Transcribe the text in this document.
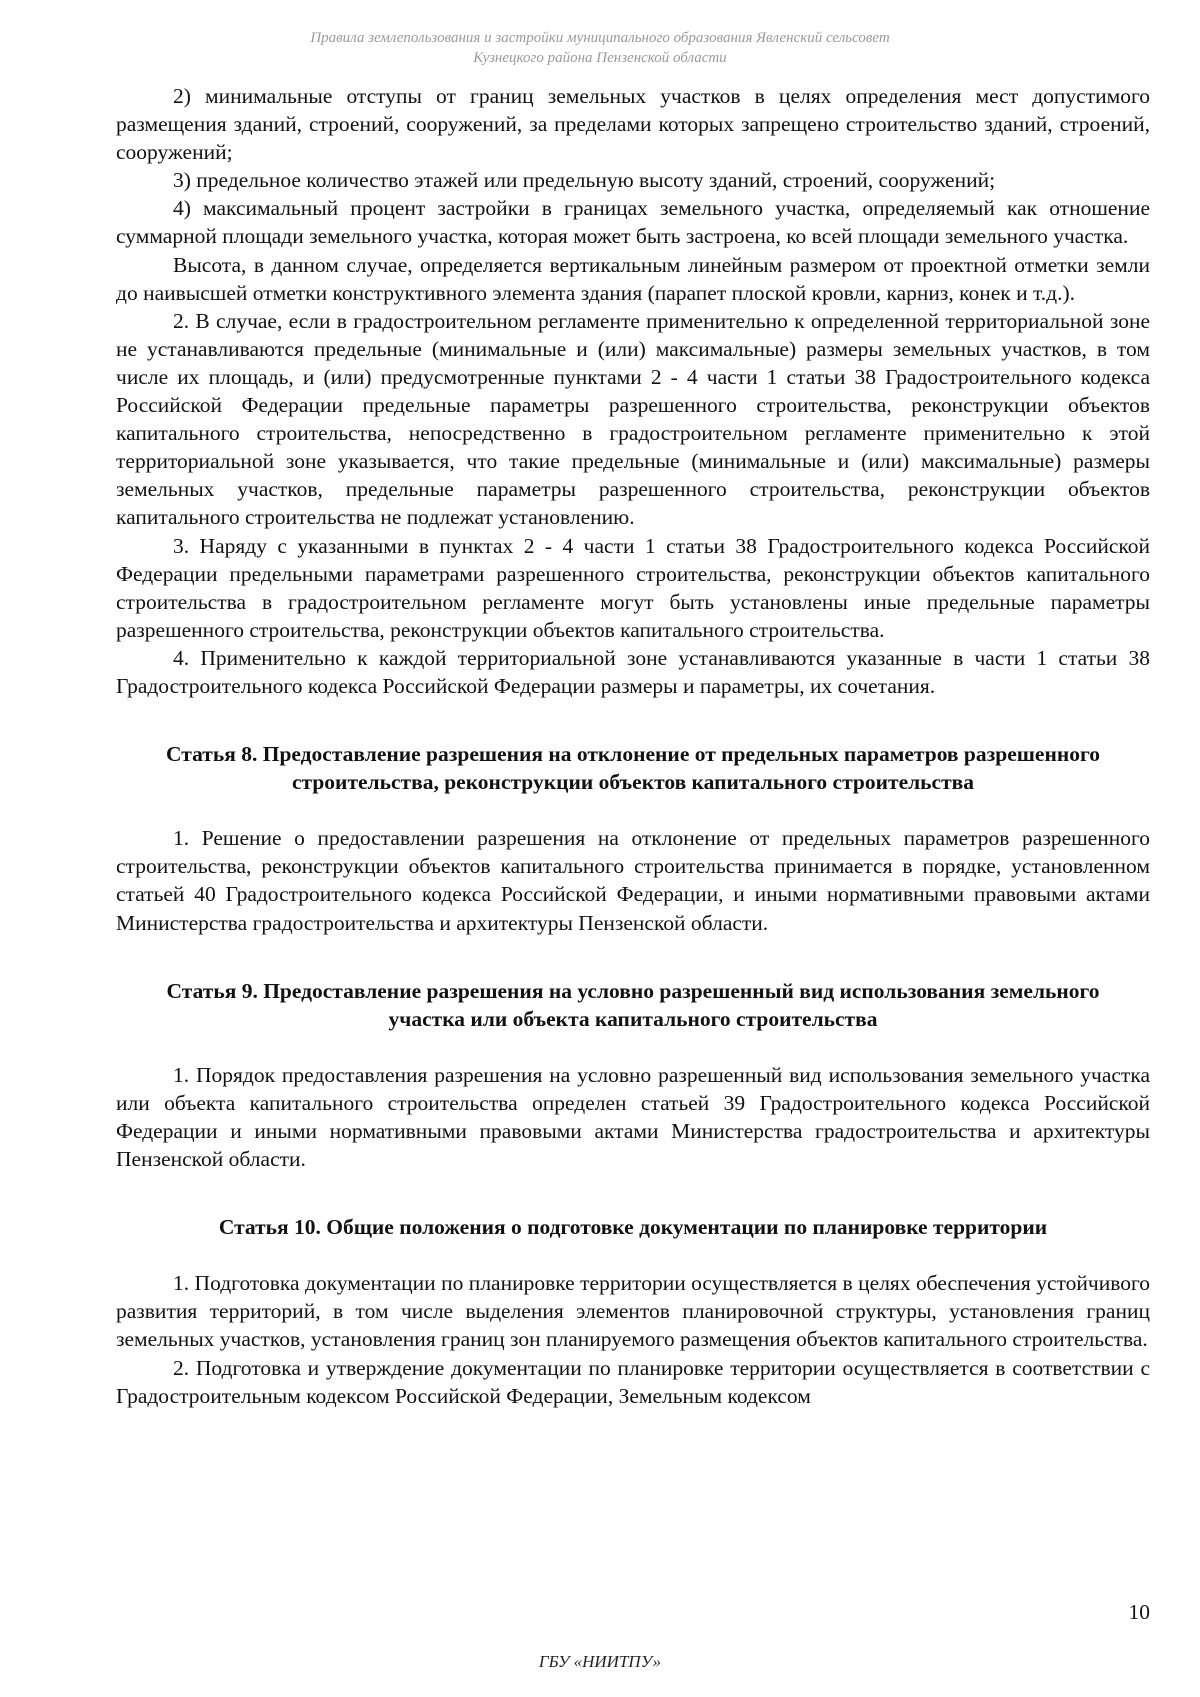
Правила землепользования и застройки муниципального образования Явленский сельсовет
Кузнецкого района Пензенской области

2) минимальные отступы от границ земельных участков в целях определения мест допустимого размещения зданий, строений, сооружений, за пределами которых запрещено строительство зданий, строений, сооружений;

3) предельное количество этажей или предельную высоту зданий, строений, сооружений;

4) максимальный процент застройки в границах земельного участка, определяемый как отношение суммарной площади земельного участка, которая может быть застроена, ко всей площади земельного участка.

Высота, в данном случае, определяется вертикальным линейным размером от проектной отметки земли до наивысшей отметки конструктивного элемента здания (парапет плоской кровли, карниз, конек и т.д.).

2. В случае, если в градостроительном регламенте применительно к определенной территориальной зоне не устанавливаются предельные (минимальные и (или) максимальные) размеры земельных участков, в том числе их площадь, и (или) предусмотренные пунктами 2 - 4 части 1 статьи 38 Градостроительного кодекса Российской Федерации предельные параметры разрешенного строительства, реконструкции объектов капитального строительства, непосредственно в градостроительном регламенте применительно к этой территориальной зоне указывается, что такие предельные (минимальные и (или) максимальные) размеры земельных участков, предельные параметры разрешенного строительства, реконструкции объектов капитального строительства не подлежат установлению.

3. Наряду с указанными в пунктах 2 - 4 части 1 статьи 38 Градостроительного кодекса Российской Федерации предельными параметрами разрешенного строительства, реконструкции объектов капитального строительства в градостроительном регламенте могут быть установлены иные предельные параметры разрешенного строительства, реконструкции объектов капитального строительства.

4. Применительно к каждой территориальной зоне устанавливаются указанные в части 1 статьи 38 Градостроительного кодекса Российской Федерации размеры и параметры, их сочетания.

Статья 8. Предоставление разрешения на отклонение от предельных параметров разрешенного строительства, реконструкции объектов капитального строительства

1. Решение о предоставлении разрешения на отклонение от предельных параметров разрешенного строительства, реконструкции объектов капитального строительства принимается в порядке, установленном статьей 40 Градостроительного кодекса Российской Федерации, и иными нормативными правовыми актами Министерства градостроительства и архитектуры Пензенской области.

Статья 9. Предоставление разрешения на условно разрешенный вид использования земельного участка или объекта капитального строительства

1. Порядок предоставления разрешения на условно разрешенный вид использования земельного участка или объекта капитального строительства определен статьей 39 Градостроительного кодекса Российской Федерации и иными нормативными правовыми актами Министерства градостроительства и архитектуры Пензенской области.

Статья 10. Общие положения о подготовке документации по планировке территории

1. Подготовка документации по планировке территории осуществляется в целях обеспечения устойчивого развития территорий, в том числе выделения элементов планировочной структуры, установления границ земельных участков, установления границ зон планируемого размещения объектов капитального строительства.

2. Подготовка и утверждение документации по планировке территории осуществляется в соответствии с Градостроительным кодексом Российской Федерации, Земельным кодексом

10
ГБУ «НИИТПУ»
